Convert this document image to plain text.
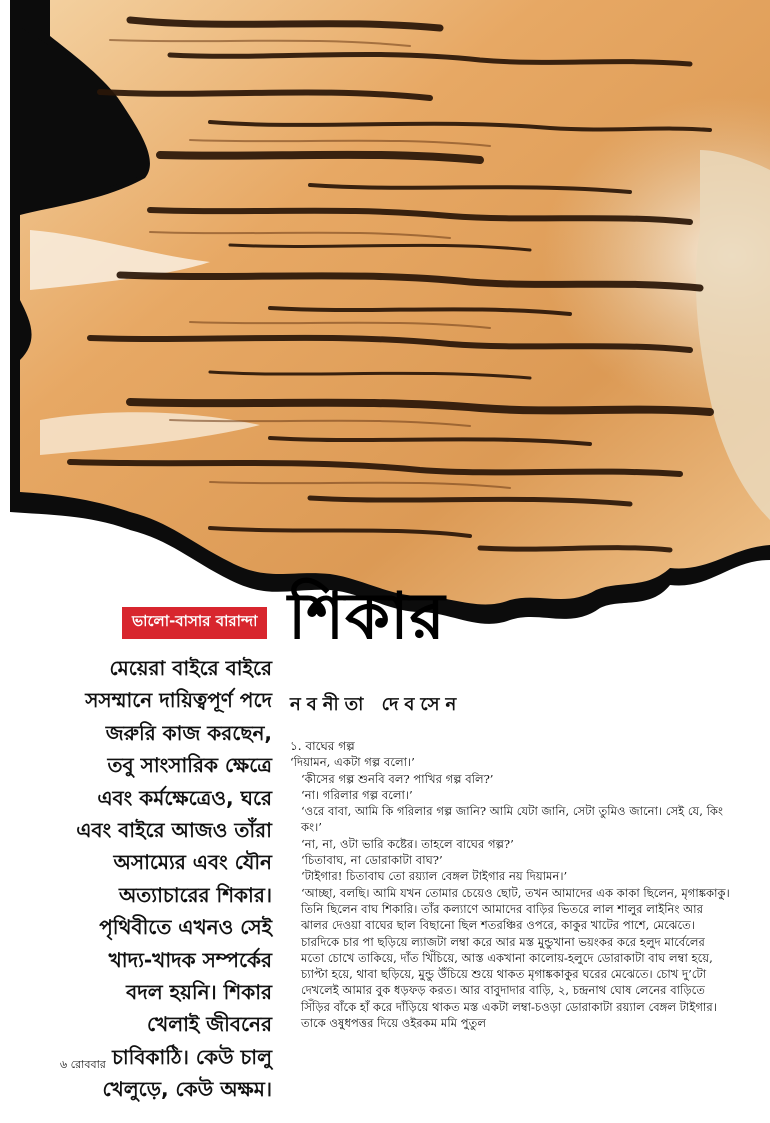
ভালো-বাসার বারান্দা শিকার
নবনীতা দেবসেন
মেয়েরা বাইরে বাইরে
সসম্মানে দায়িত্বপূর্ণ পদে
জরুরি কাজ করছেন,
তবু সাংসারিক ক্ষেত্রে
এবং কর্মক্ষেত্রেও, ঘরে
এবং বাইরে আজও তাঁরা
অসাম্যের এবং যৌন
অত্যাচারের শিকার।
পৃথিবীতে এখনও সেই
খাদ্য-খাদক সম্পর্কের
বদল হয়নি। শিকার
খেলাই জীবনের
চাবিকাঠি। কেউ চালু
খেলুড়ে, কেউ অক্ষম।

১. বাঘের গল্প

‘দিয়ামন, একটা গল্প বলো।’

‘কীসের গল্প শুনবি বল? পাখির গল্প বলি?’

‘না। গরিলার গল্প বলো।’

‘ওরে বাবা, আমি কি গরিলার গল্প জানি? আমি যেটা জানি, সেটা তুমিও জানো। সেই যে, কিং কং।’

‘না, না, ওটা ভারি কষ্টের। তাহলে বাঘের গল্প?’

‘চিতাবাঘ, না ডোরাকাটা বাঘ?’

‘টাইগার! চিতাবাঘ তো রয়্যাল বেঙ্গল টাইগার নয় দিয়ামন।’

‘আচ্ছা, বলছি। আমি যখন তোমার চেয়েও ছোট, তখন আমাদের এক কাকা ছিলেন, মৃগাঙ্ককাকু। তিনি ছিলেন বাঘ শিকারি। তাঁর কল্যাণে আমাদের বাড়ির ভিতরে লাল শালুর লাইনিং আর ঝালর দেওয়া বাঘের ছাল বিছানো ছিল শতরঞ্চির ওপরে, কাকুর খাটের পাশে, মেঝেতে। চারদিকে চার পা ছড়িয়ে ল্যাজটা লম্বা করে আর মস্ত মুন্ডুখানা ভয়ংকর করে হলুদ মার্বেলের মতো চোখে তাকিয়ে, দাঁত খিঁচিয়ে, আস্ত একখানা কালোয়-হলুদে ডোরাকাটা বাঘ লম্বা হয়ে, চ্যাপ্টা হয়ে, থাবা ছড়িয়ে, মুন্ডু উঁচিয়ে শুয়ে থাকত মৃগাঙ্ককাকুর ঘরের মেঝেতে। চোখ দু’টো দেখলেই আমার বুক ধড়ফড় করত। আর বাবুদাদার বাড়ি, ২, চন্দ্রনাথ ঘোষ লেনের বাড়িতে সিঁড়ির বাঁকে হাঁ করে দাঁড়িয়ে থাকত মস্ত একটা লম্বা-চওড়া ডোরাকাটা রয়্যাল বেঙ্গল টাইগার। তাকে ওষুধপত্তর দিয়ে ওইরকম মমি পুতুল

৬ রোববার
